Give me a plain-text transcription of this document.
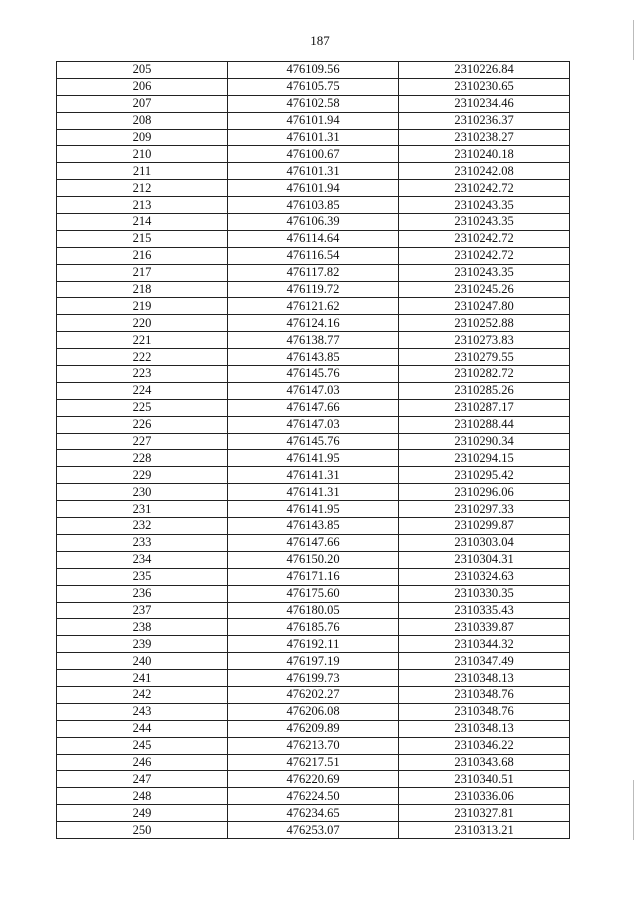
187
205	476109.56	2310226.84
206	476105.75	2310230.65
207	476102.58	2310234.46
208	476101.94	2310236.37
209	476101.31	2310238.27
210	476100.67	2310240.18
211	476101.31	2310242.08
212	476101.94	2310242.72
213	476103.85	2310243.35
214	476106.39	2310243.35
215	476114.64	2310242.72
216	476116.54	2310242.72
217	476117.82	2310243.35
218	476119.72	2310245.26
219	476121.62	2310247.80
220	476124.16	2310252.88
221	476138.77	2310273.83
222	476143.85	2310279.55
223	476145.76	2310282.72
224	476147.03	2310285.26
225	476147.66	2310287.17
226	476147.03	2310288.44
227	476145.76	2310290.34
228	476141.95	2310294.15
229	476141.31	2310295.42
230	476141.31	2310296.06
231	476141.95	2310297.33
232	476143.85	2310299.87
233	476147.66	2310303.04
234	476150.20	2310304.31
235	476171.16	2310324.63
236	476175.60	2310330.35
237	476180.05	2310335.43
238	476185.76	2310339.87
239	476192.11	2310344.32
240	476197.19	2310347.49
241	476199.73	2310348.13
242	476202.27	2310348.76
243	476206.08	2310348.76
244	476209.89	2310348.13
245	476213.70	2310346.22
246	476217.51	2310343.68
247	476220.69	2310340.51
248	476224.50	2310336.06
249	476234.65	2310327.81
250	476253.07	2310313.21
